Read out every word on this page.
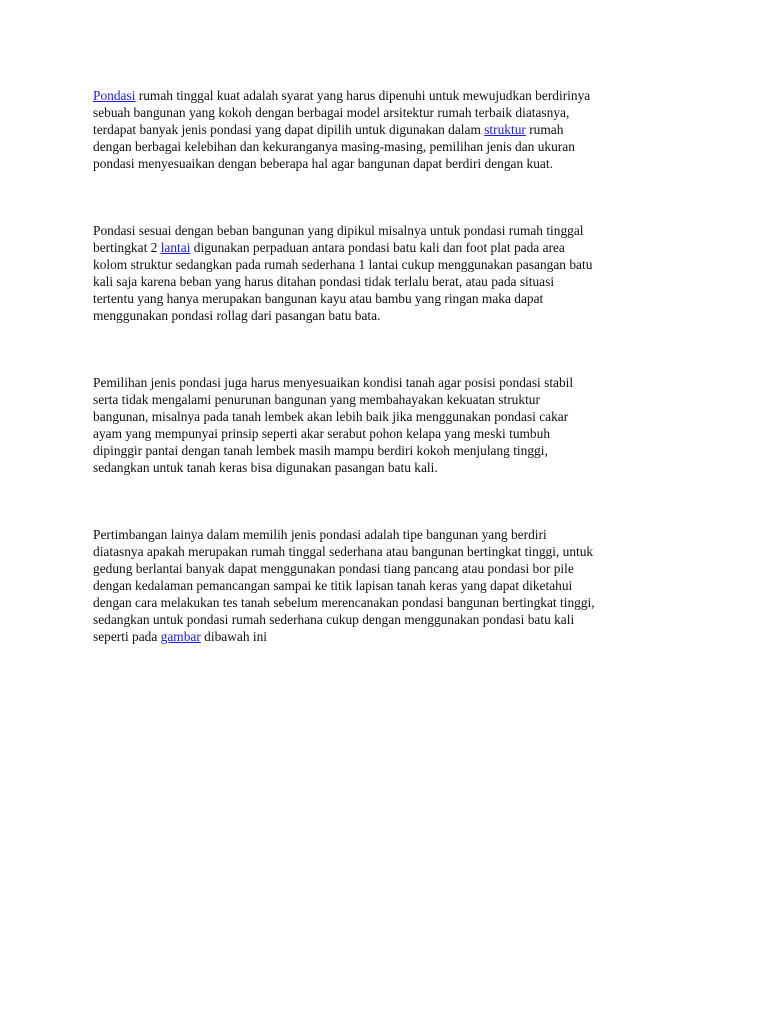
Pondasi rumah tinggal kuat adalah syarat yang harus dipenuhi untuk mewujudkan berdirinya
sebuah bangunan yang kokoh dengan berbagai model arsitektur rumah terbaik diatasnya,
terdapat banyak jenis pondasi yang dapat dipilih untuk digunakan dalam struktur rumah
dengan berbagai kelebihan dan kekuranganya masing-masing, pemilihan jenis dan ukuran
pondasi menyesuaikan dengan beberapa hal agar bangunan dapat berdiri dengan kuat.

Pondasi sesuai dengan beban bangunan yang dipikul misalnya untuk pondasi rumah tinggal
bertingkat 2 lantai digunakan perpaduan antara pondasi batu kali dan foot plat pada area
kolom struktur sedangkan pada rumah sederhana 1 lantai cukup menggunakan pasangan batu
kali saja karena beban yang harus ditahan pondasi tidak terlalu berat, atau pada situasi
tertentu yang hanya merupakan bangunan kayu atau bambu yang ringan maka dapat
menggunakan pondasi rollag dari pasangan batu bata.

Pemilihan jenis pondasi juga harus menyesuaikan kondisi tanah agar posisi pondasi stabil
serta tidak mengalami penurunan bangunan yang membahayakan kekuatan struktur
bangunan, misalnya pada tanah lembek akan lebih baik jika menggunakan pondasi cakar
ayam yang mempunyai prinsip seperti akar serabut pohon kelapa yang meski tumbuh
dipinggir pantai dengan tanah lembek masih mampu berdiri kokoh menjulang tinggi,
sedangkan untuk tanah keras bisa digunakan pasangan batu kali.

Pertimbangan lainya dalam memilih jenis pondasi adalah tipe bangunan yang berdiri
diatasnya apakah merupakan rumah tinggal sederhana atau bangunan bertingkat tinggi, untuk
gedung berlantai banyak dapat menggunakan pondasi tiang pancang atau pondasi bor pile
dengan kedalaman pemancangan sampai ke titik lapisan tanah keras yang dapat diketahui
dengan cara melakukan tes tanah sebelum merencanakan pondasi bangunan bertingkat tinggi,
sedangkan untuk pondasi rumah sederhana cukup dengan menggunakan pondasi batu kali
seperti pada gambar dibawah ini
